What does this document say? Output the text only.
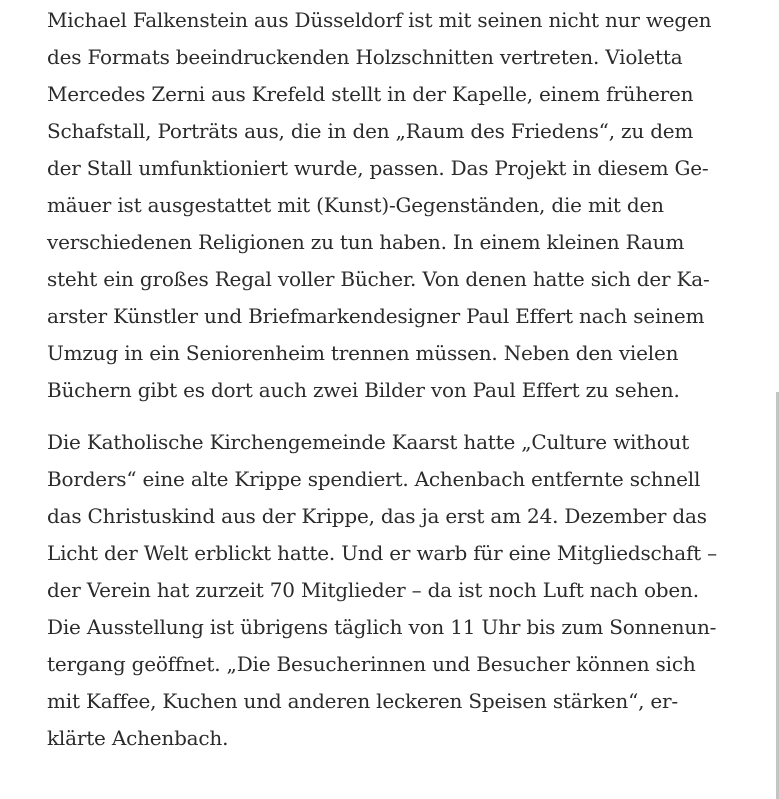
Michael Falkenstein aus Düsseldorf ist mit seinen nicht nur wegen
des Formats beeindruckenden Holzschnitten vertreten. Violetta
Mercedes Zerni aus Krefeld stellt in der Kapelle, einem früheren
Schafstall, Porträts aus, die in den „Raum des Friedens“, zu dem
der Stall umfunktioniert wurde, passen. Das Projekt in diesem Ge-
mäuer ist ausgestattet mit (Kunst)-Gegenständen, die mit den
verschiedenen Religionen zu tun haben. In einem kleinen Raum
steht ein großes Regal voller Bücher. Von denen hatte sich der Ka-
arster Künstler und Briefmarkendesigner Paul Effert nach seinem
Umzug in ein Seniorenheim trennen müssen. Neben den vielen
Büchern gibt es dort auch zwei Bilder von Paul Effert zu sehen.

Die Katholische Kirchengemeinde Kaarst hatte „Culture without
Borders“ eine alte Krippe spendiert. Achenbach entfernte schnell
das Christuskind aus der Krippe, das ja erst am 24. Dezember das
Licht der Welt erblickt hatte. Und er warb für eine Mitgliedschaft –
der Verein hat zurzeit 70 Mitglieder – da ist noch Luft nach oben.
Die Ausstellung ist übrigens täglich von 11 Uhr bis zum Sonnenun-
tergang geöffnet. „Die Besucherinnen und Besucher können sich
mit Kaffee, Kuchen und anderen leckeren Speisen stärken“, er-
klärte Achenbach.
